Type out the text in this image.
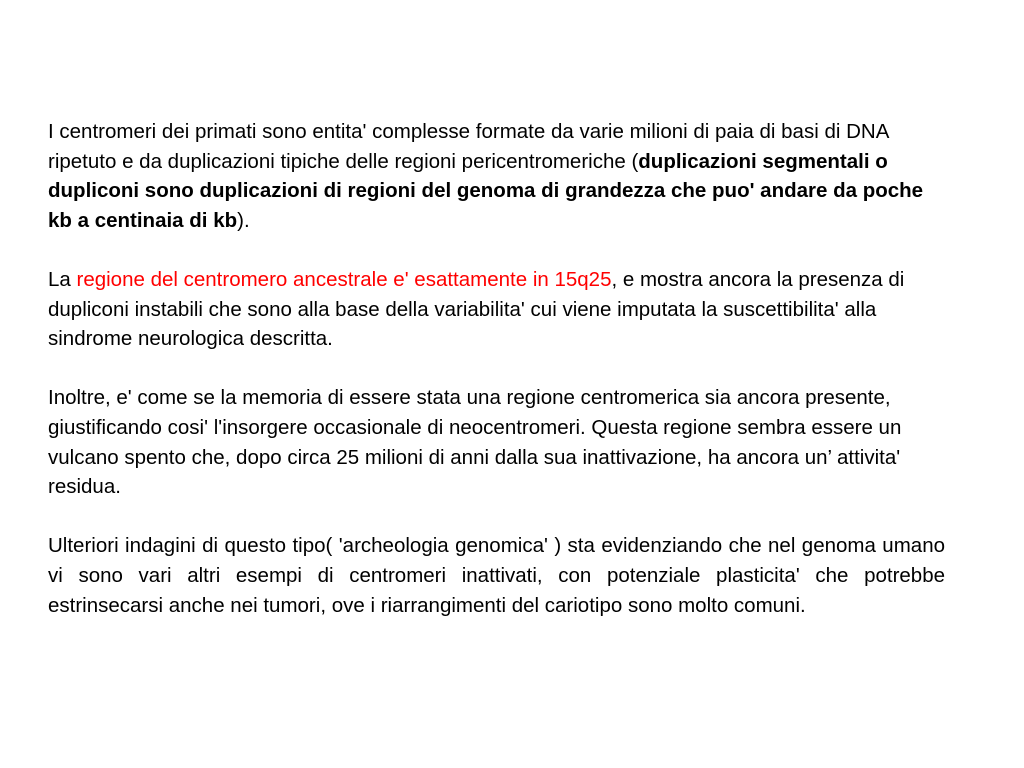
I centromeri dei primati sono entita' complesse formate da varie milioni di paia di basi di DNA ripetuto e da duplicazioni tipiche delle regioni pericentromeriche (duplicazioni segmentali o dupliconi sono duplicazioni di regioni del genoma di grandezza che puo' andare da poche kb a centinaia di kb).

La regione del centromero ancestrale e' esattamente in 15q25, e mostra ancora la presenza di dupliconi instabili che sono alla base della variabilita' cui viene imputata la suscettibilita' alla sindrome neurologica descritta.

Inoltre, e' come se la memoria di essere stata una regione centromerica sia ancora presente, giustificando cosi' l'insorgere occasionale di neocentromeri. Questa regione sembra essere un vulcano spento che, dopo circa 25 milioni di anni dalla sua inattivazione, ha ancora un’ attivita' residua.

Ulteriori indagini di questo tipo( 'archeologia genomica' ) sta evidenziando che nel genoma umano vi sono vari altri esempi di centromeri inattivati, con potenziale plasticita' che potrebbe estrinsecarsi anche nei tumori, ove i riarrangimenti del cariotipo sono molto comuni.
